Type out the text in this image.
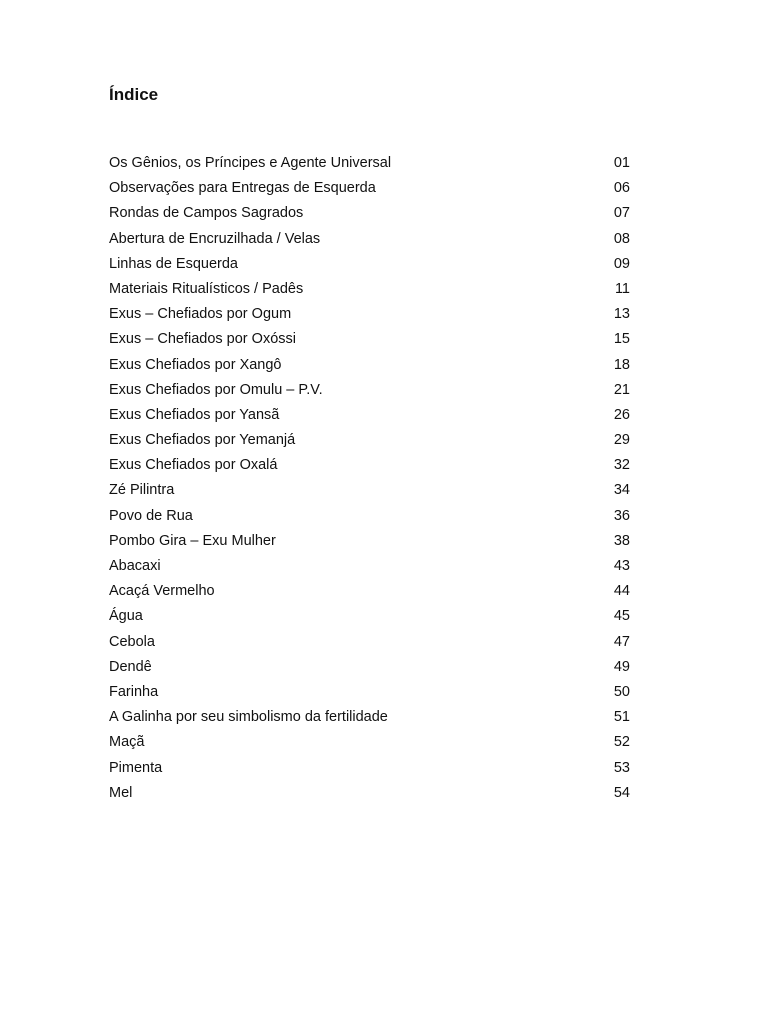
Índice
Os Gênios, os Príncipes e Agente Universal	01
Observações para Entregas de Esquerda	06
Rondas de Campos Sagrados	07
Abertura de Encruzilhada / Velas	08
Linhas de Esquerda	09
Materiais Ritualísticos / Padês	11
Exus – Chefiados por Ogum	13
Exus – Chefiados por Oxóssi	15
Exus Chefiados por Xangô	18
Exus Chefiados por Omulu – P.V.	21
Exus Chefiados por Yansã	26
Exus Chefiados por Yemanjá	29
Exus Chefiados por Oxalá	32
Zé Pilintra	34
Povo de Rua	36
Pombo Gira – Exu Mulher	38
Abacaxi	43
Acaçá Vermelho	44
Água	45
Cebola	47
Dendê	49
Farinha	50
A Galinha por seu simbolismo da fertilidade	51
Maçã	52
Pimenta	53
Mel	54
